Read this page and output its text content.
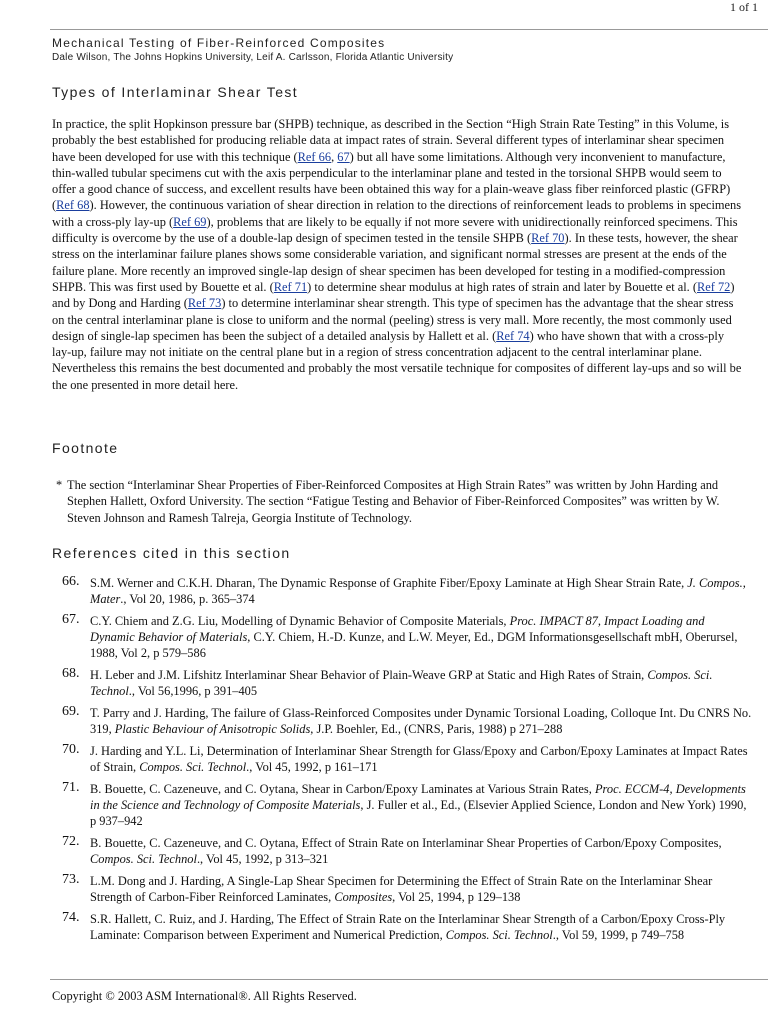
1 of 1
Mechanical Testing of Fiber-Reinforced Composites
Dale Wilson, The Johns Hopkins University, Leif A. Carlsson, Florida Atlantic University
Types of Interlaminar Shear Test

In practice, the split Hopkinson pressure bar (SHPB) technique, as described in the Section “High Strain Rate Testing” in this Volume, is probably the best established for producing reliable data at impact rates of strain. Several different types of interlaminar shear specimen have been developed for use with this technique (Ref 66, 67) but all have some limitations. Although very inconvenient to manufacture, thin-walled tubular specimens cut with the axis perpendicular to the interlaminar plane and tested in the torsional SHPB would seem to offer a good chance of success, and excellent results have been obtained this way for a plain-weave glass fiber reinforced plastic (GFRP) (Ref 68). However, the continuous variation of shear direction in relation to the directions of reinforcement leads to problems in specimens with a cross-ply lay-up (Ref 69), problems that are likely to be equally if not more severe with unidirectionally reinforced specimens. This difficulty is overcome by the use of a double-lap design of specimen tested in the tensile SHPB (Ref 70). In these tests, however, the shear stress on the interlaminar failure planes shows some considerable variation, and significant normal stresses are present at the ends of the failure plane. More recently an improved single-lap design of shear specimen has been developed for testing in a modified-compression SHPB. This was first used by Bouette et al. (Ref 71) to determine shear modulus at high rates of strain and later by Bouette et al. (Ref 72) and by Dong and Harding (Ref 73) to determine interlaminar shear strength. This type of specimen has the advantage that the shear stress on the central interlaminar plane is close to uniform and the normal (peeling) stress is very mall. More recently, the most commonly used design of single-lap specimen has been the subject of a detailed analysis by Hallett et al. (Ref 74) who have shown that with a cross-ply lay-up, failure may not initiate on the central plane but in a region of stress concentration adjacent to the central interlaminar plane. Nevertheless this remains the best documented and probably the most versatile technique for composites of different lay-ups and so will be the one presented in more detail here.

Footnote
* The section “Interlaminar Shear Properties of Fiber-Reinforced Composites at High Strain Rates” was written by John Harding and Stephen Hallett, Oxford University. The section “Fatigue Testing and Behavior of Fiber-Reinforced Composites” was written by W. Steven Johnson and Ramesh Talreja, Georgia Institute of Technology.
References cited in this section
66. S.M. Werner and C.K.H. Dharan, The Dynamic Response of Graphite Fiber/Epoxy Laminate at High Shear Strain Rate, J. Compos., Mater., Vol 20, 1986, p. 365–374
67. C.Y. Chiem and Z.G. Liu, Modelling of Dynamic Behavior of Composite Materials, Proc. IMPACT 87, Impact Loading and Dynamic Behavior of Materials, C.Y. Chiem, H.-D. Kunze, and L.W. Meyer, Ed., DGM Informationsgesellschaft mbH, Oberursel, 1988, Vol 2, p 579–586
68. H. Leber and J.M. Lifshitz Interlaminar Shear Behavior of Plain-Weave GRP at Static and High Rates of Strain, Compos. Sci. Technol., Vol 56,1996, p 391–405
69. T. Parry and J. Harding, The failure of Glass-Reinforced Composites under Dynamic Torsional Loading, Colloque Int. Du CNRS No. 319, Plastic Behaviour of Anisotropic Solids, J.P. Boehler, Ed., (CNRS, Paris, 1988) p 271–288
70. J. Harding and Y.L. Li, Determination of Interlaminar Shear Strength for Glass/Epoxy and Carbon/Epoxy Laminates at Impact Rates of Strain, Compos. Sci. Technol., Vol 45, 1992, p 161–171
71. B. Bouette, C. Cazeneuve, and C. Oytana, Shear in Carbon/Epoxy Laminates at Various Strain Rates, Proc. ECCM-4, Developments in the Science and Technology of Composite Materials, J. Fuller et al., Ed., (Elsevier Applied Science, London and New York) 1990, p 937–942
72. B. Bouette, C. Cazeneuve, and C. Oytana, Effect of Strain Rate on Interlaminar Shear Properties of Carbon/Epoxy Composites, Compos. Sci. Technol., Vol 45, 1992, p 313–321
73. L.M. Dong and J. Harding, A Single-Lap Shear Specimen for Determining the Effect of Strain Rate on the Interlaminar Shear Strength of Carbon-Fiber Reinforced Laminates, Composites, Vol 25, 1994, p 129–138
74. S.R. Hallett, C. Ruiz, and J. Harding, The Effect of Strain Rate on the Interlaminar Shear Strength of a Carbon/Epoxy Cross-Ply Laminate: Comparison between Experiment and Numerical Prediction, Compos. Sci. Technol., Vol 59, 1999, p 749–758
Copyright © 2003 ASM International®. All Rights Reserved.
